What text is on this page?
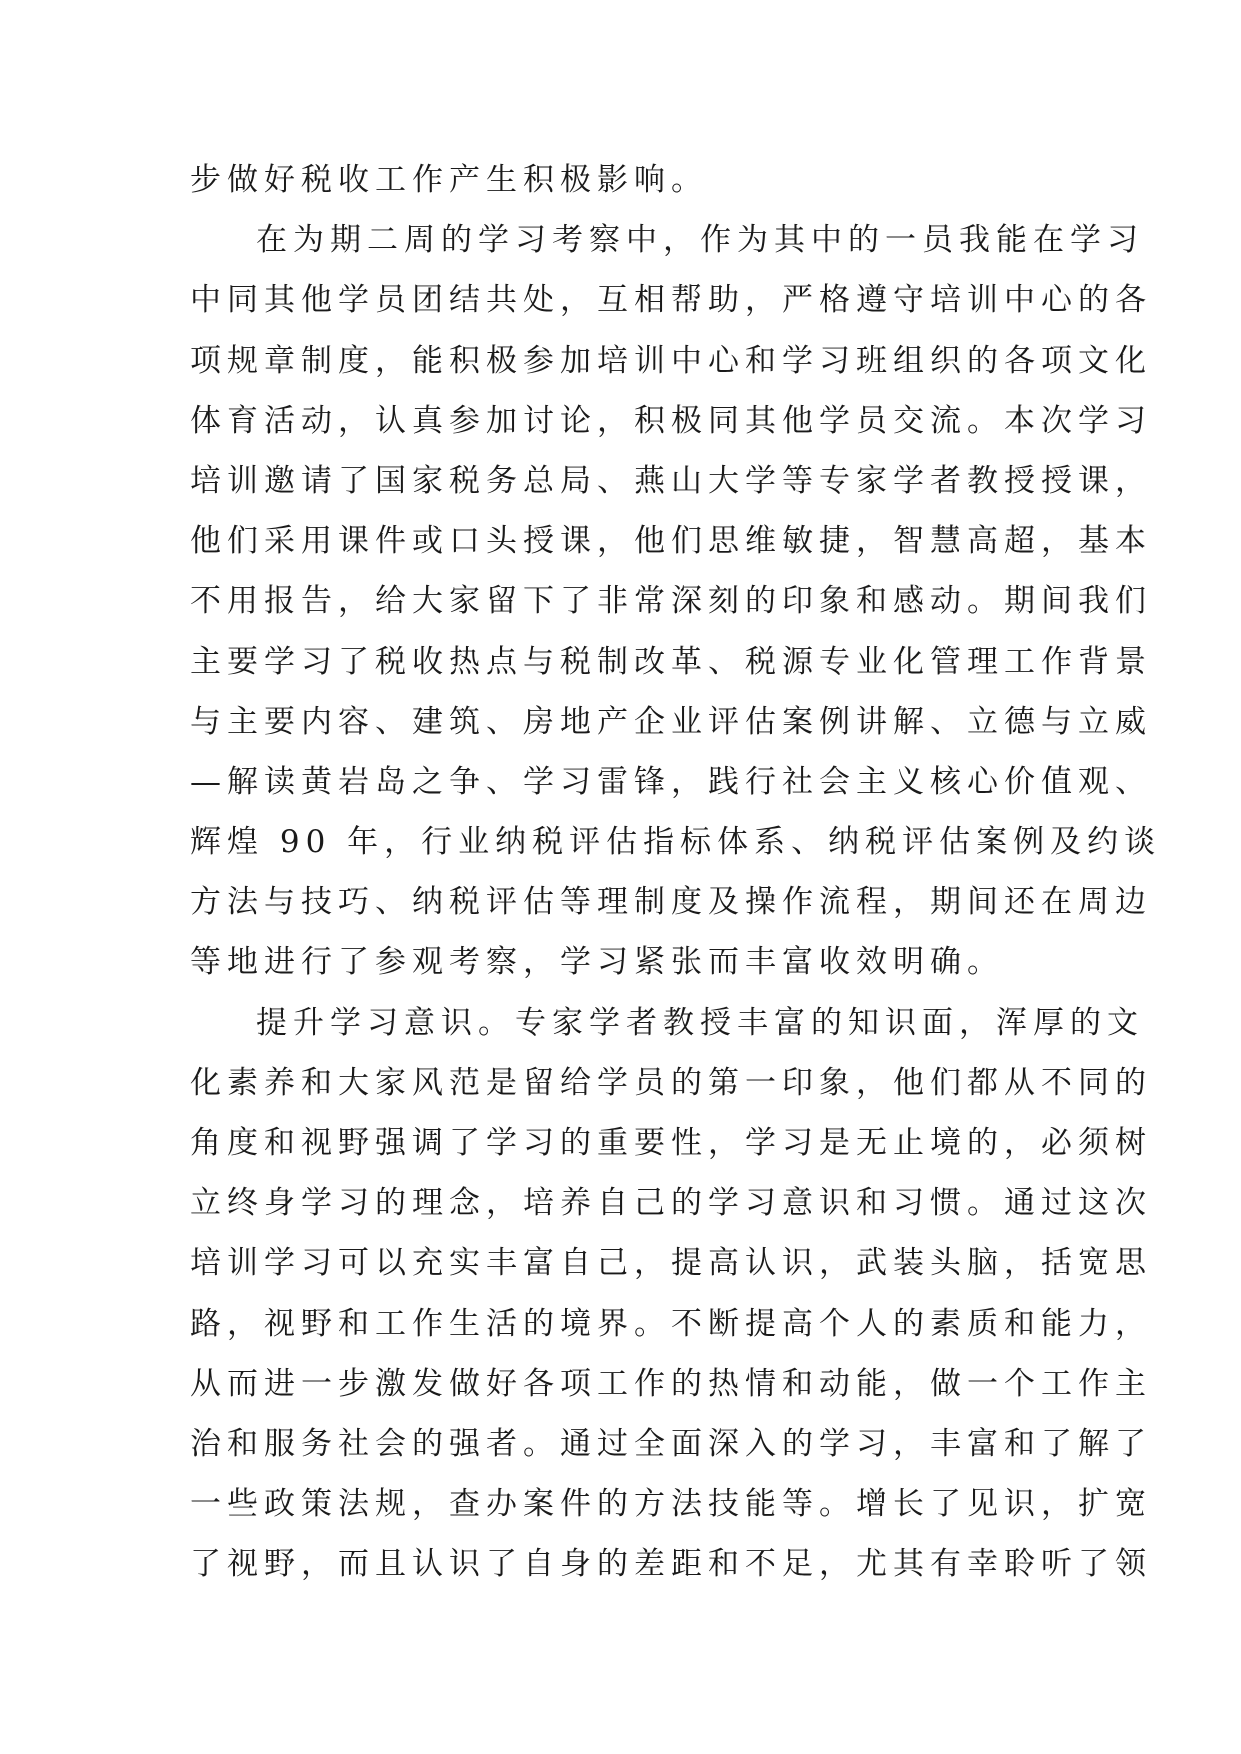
步做好税收工作产生积极影响。
在为期二周的学习考察中，作为其中的一员我能在学习
中同其他学员团结共处，互相帮助，严格遵守培训中心的各
项规章制度，能积极参加培训中心和学习班组织的各项文化
体育活动，认真参加讨论，积极同其他学员交流。本次学习
培训邀请了国家税务总局、燕山大学等专家学者教授授课，
他们采用课件或口头授课，他们思维敏捷，智慧高超，基本
不用报告，给大家留下了非常深刻的印象和感动。期间我们
主要学习了税收热点与税制改革、税源专业化管理工作背景
与主要内容、建筑、房地产企业评估案例讲解、立德与立威
—解读黄岩岛之争、学习雷锋，践行社会主义核心价值观、
辉煌 90 年，行业纳税评估指标体系、纳税评估案例及约谈
方法与技巧、纳税评估等理制度及操作流程，期间还在周边
等地进行了参观考察，学习紧张而丰富收效明确。
提升学习意识。专家学者教授丰富的知识面，浑厚的文
化素养和大家风范是留给学员的第一印象，他们都从不同的
角度和视野强调了学习的重要性，学习是无止境的，必须树
立终身学习的理念，培养自己的学习意识和习惯。通过这次
培训学习可以充实丰富自己，提高认识，武装头脑，括宽思
路，视野和工作生活的境界。不断提高个人的素质和能力，
从而进一步激发做好各项工作的热情和动能，做一个工作主
治和服务社会的强者。通过全面深入的学习，丰富和了解了
一些政策法规，查办案件的方法技能等。增长了见识，扩宽
了视野，而且认识了自身的差距和不足，尤其有幸聆听了领
